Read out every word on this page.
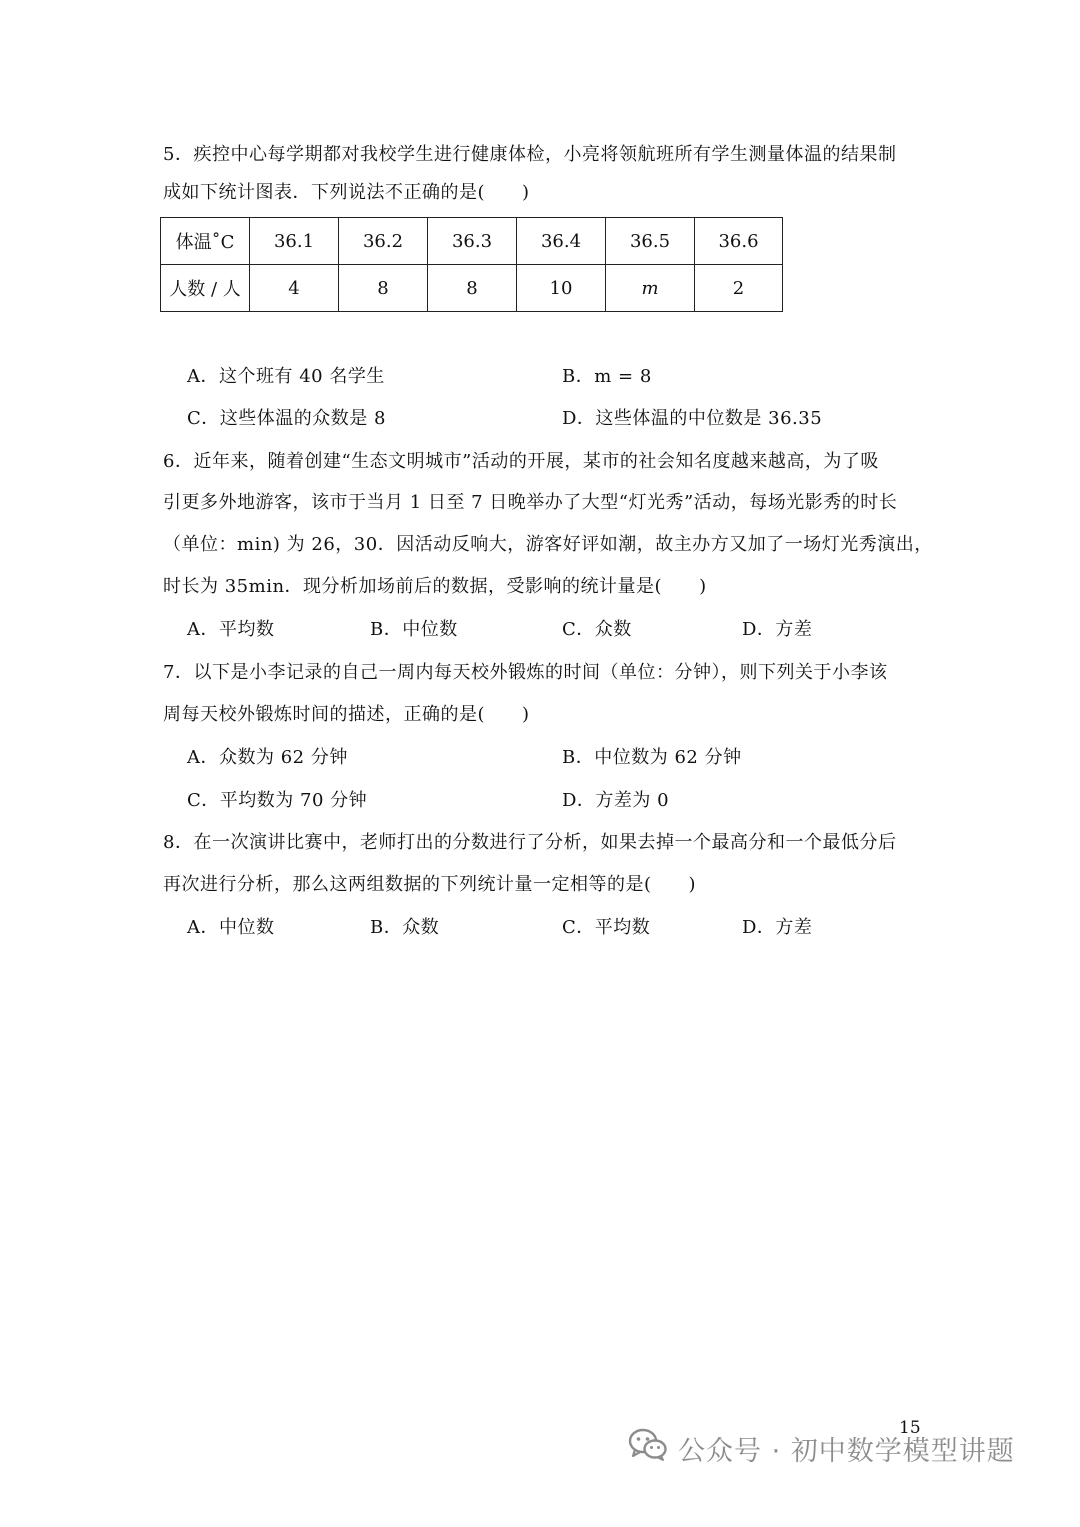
5．疾控中心每学期都对我校学生进行健康体检，小亮将领航班所有学生测量体温的结果制
成如下统计图表．下列说法不正确的是(　　)
体温˚C	36.1	36.2	36.3	36.4	36.5	36.6
人数 / 人	4	8	8	10	m	2
A．这个班有 40 名学生	B．m = 8
C．这些体温的众数是 8	D．这些体温的中位数是 36.35
6．近年来，随着创建“生态文明城市”活动的开展，某市的社会知名度越来越高，为了吸
引更多外地游客，该市于当月 1 日至 7 日晚举办了大型“灯光秀”活动，每场光影秀的时长
（单位：min) 为 26，30．因活动反响大，游客好评如潮，故主办方又加了一场灯光秀演出，
时长为 35min．现分析加场前后的数据，受影响的统计量是(　　)
A．平均数	B．中位数	C．众数	D．方差
7．以下是小李记录的自己一周内每天校外锻炼的时间（单位：分钟），则下列关于小李该
周每天校外锻炼时间的描述，正确的是(　　)
A．众数为 62 分钟	B．中位数为 62 分钟
C．平均数为 70 分钟	D．方差为 0
8．在一次演讲比赛中，老师打出的分数进行了分析，如果去掉一个最高分和一个最低分后
再次进行分析，那么这两组数据的下列统计量一定相等的是(　　)
A．中位数	B．众数	C．平均数	D．方差
15
公众号 · 初中数学模型讲题
